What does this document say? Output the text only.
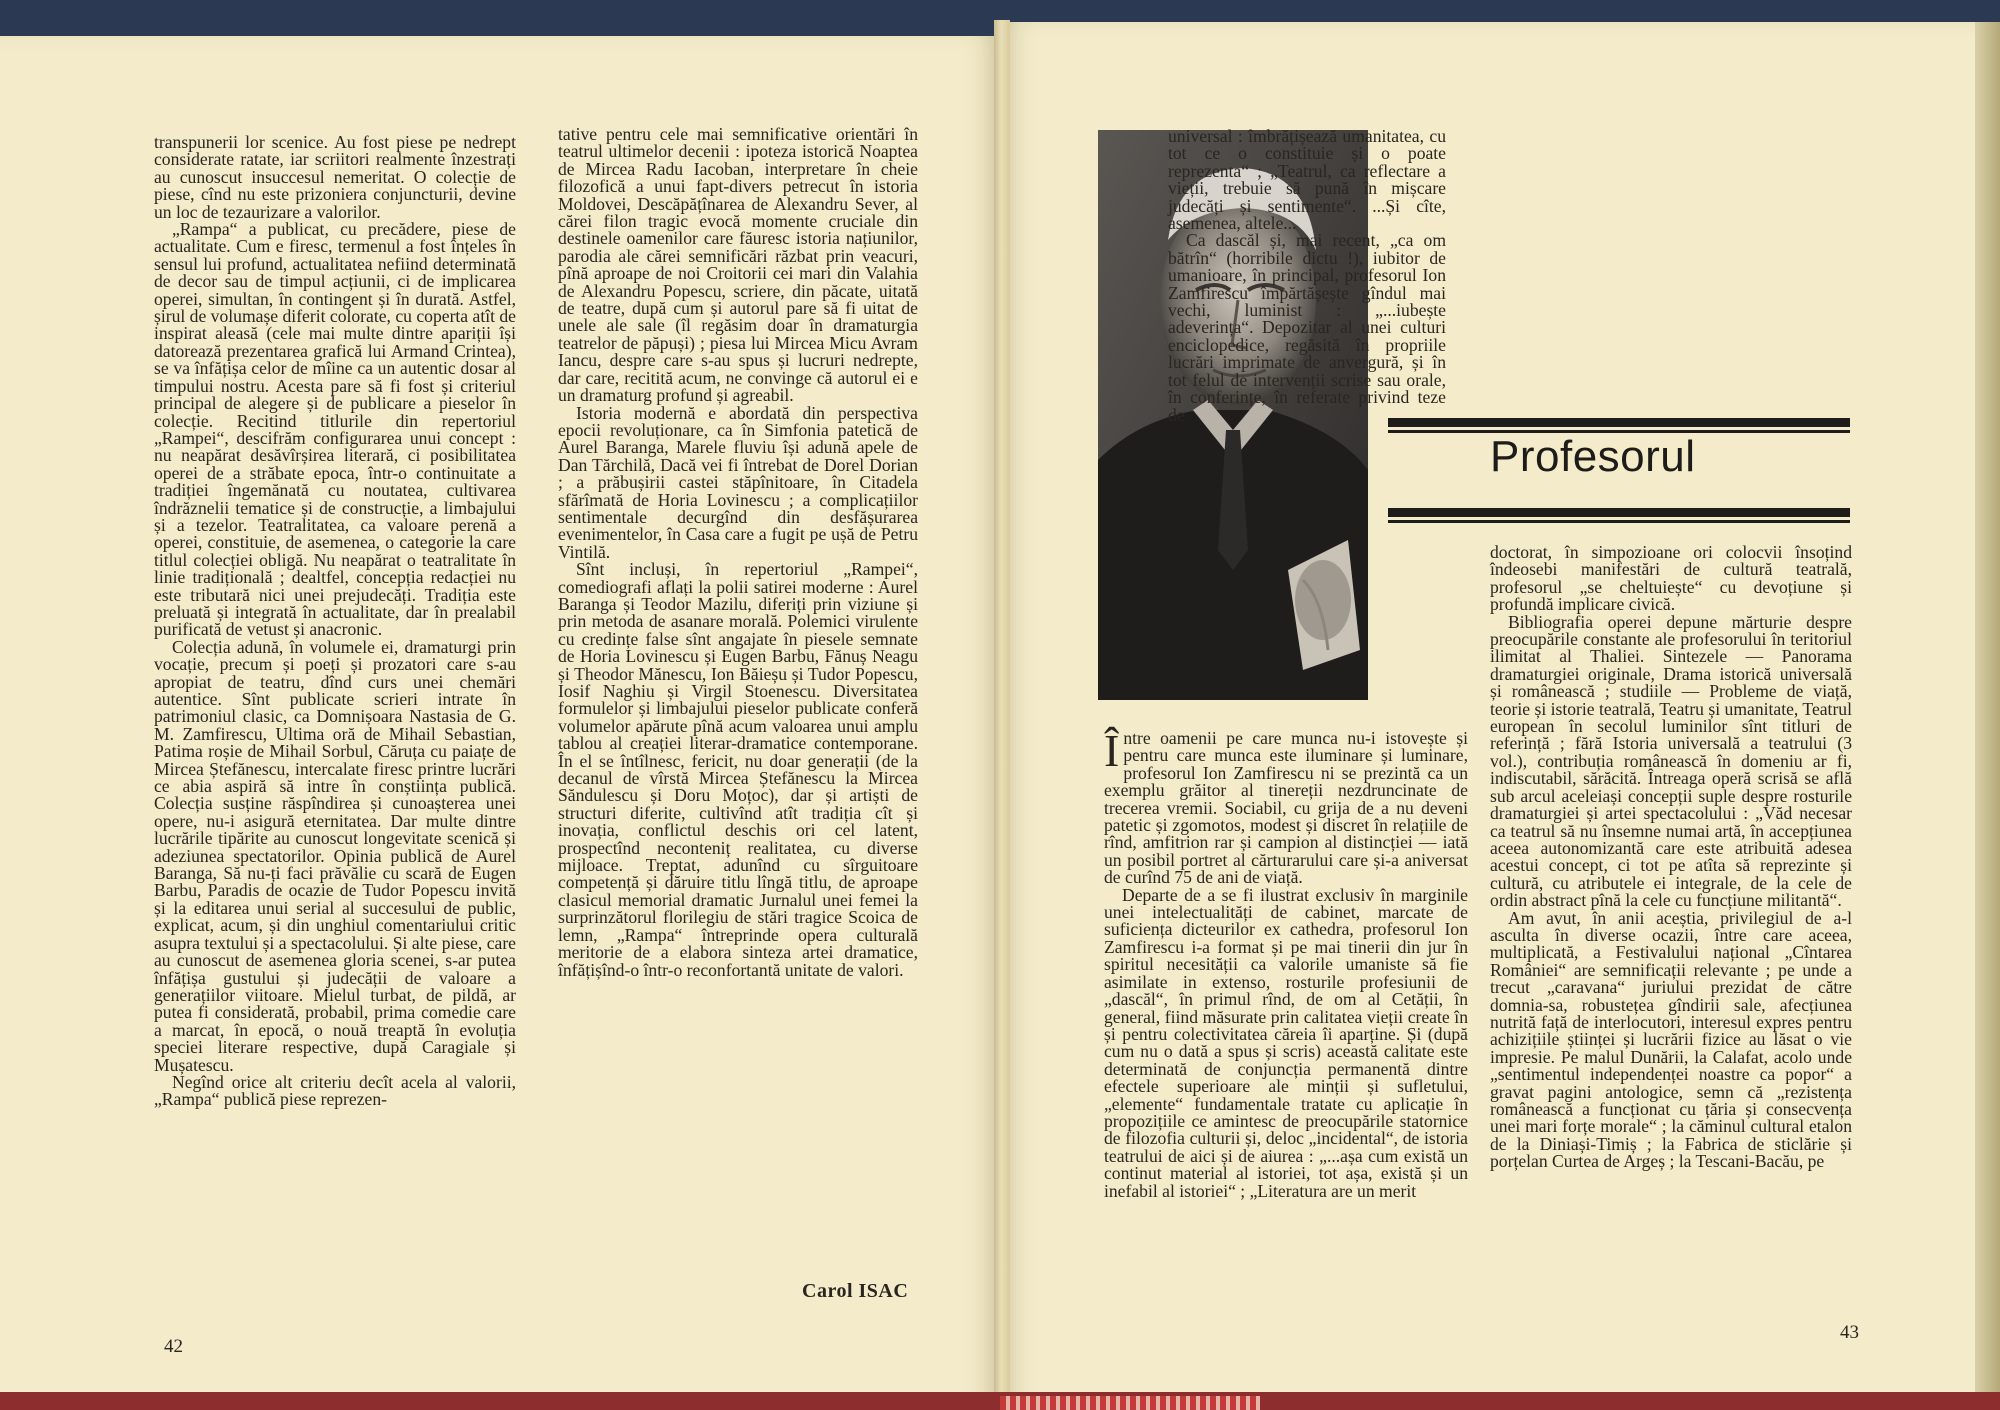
transpunerii lor scenice. Au fost piese pe nedrept considerate ratate, iar scriitori realmente înzestrați au cunoscut insuccesul nemeritat. O colecție de piese, cînd nu este prizoniera conjuncturii, devine un loc de tezaurizare a valorilor.

„Rampa“ a publicat, cu precădere, piese de actualitate. Cum e firesc, termenul a fost înțeles în sensul lui profund, actualitatea nefiind determinată de decor sau de timpul acțiunii, ci de implicarea operei, simultan, în contingent și în durată. Astfel, șirul de volumașe diferit colorate, cu coperta atît de inspirat aleasă (cele mai multe dintre apariții își datorează prezentarea grafică lui Armand Crintea), se va înfățișa celor de mîine ca un autentic dosar al timpului nostru. Acesta pare să fi fost și criteriul principal de alegere și de publicare a pieselor în colecție. Recitind titlurile din repertoriul „Rampei“, descifrăm configurarea unui concept : nu neapărat desăvîrșirea literară, ci posibilitatea operei de a străbate epoca, într-o continuitate a tradiției îngemănată cu noutatea, cultivarea îndrăznelii tematice și de construcție, a limbajului și a tezelor. Teatralitatea, ca valoare perenă a operei, constituie, de asemenea, o categorie la care titlul colecției obligă. Nu neapărat o teatralitate în linie tradițională ; dealtfel, concepția redacției nu este tributară nici unei prejudecăți. Tradiția este preluată și integrată în actualitate, dar în prealabil purificată de vetust și anacronic.

Colecția adună, în volumele ei, dramaturgi prin vocație, precum și poeți și prozatori care s-au apropiat de teatru, dînd curs unei chemări autentice. Sînt publicate scrieri intrate în patrimoniul clasic, ca Domnișoara Nastasia de G. M. Zamfirescu, Ultima oră de Mihail Sebastian, Patima roșie de Mihail Sorbul, Căruța cu paiațe de Mircea Ștefănescu, intercalate firesc printre lucrări ce abia aspiră să intre în conștiința publică. Colecția susține răspîndirea și cunoașterea unei opere, nu-i asigură eternitatea. Dar multe dintre lucrările tipărite au cunoscut longevitate scenică și adeziunea spectatorilor. Opinia publică de Aurel Baranga, Să nu-ți faci prăvălie cu scară de Eugen Barbu, Paradis de ocazie de Tudor Popescu invită și la editarea unui serial al succesului de public, explicat, acum, și din unghiul comentariului critic asupra textului și a spectacolului. Și alte piese, care au cunoscut de asemenea gloria scenei, s-ar putea înfățișa gustului și judecății de valoare a generațiilor viitoare. Mielul turbat, de pildă, ar putea fi considerată, probabil, prima comedie care a marcat, în epocă, o nouă treaptă în evoluția speciei literare respective, după Caragiale și Mușatescu.

Negînd orice alt criteriu decît acela al valorii, „Rampa“ publică piese reprezen-

tative pentru cele mai semnificative orientări în teatrul ultimelor decenii : ipoteza istorică Noaptea de Mircea Radu Iacoban, interpretare în cheie filozofică a unui fapt-divers petrecut în istoria Moldovei, Descăpățînarea de Alexandru Sever, al cărei filon tragic evocă momente cruciale din destinele oamenilor care făuresc istoria națiunilor, parodia ale cărei semnificări răzbat prin veacuri, pînă aproape de noi Croitorii cei mari din Valahia de Alexandru Popescu, scriere, din păcate, uitată de teatre, după cum și autorul pare să fi uitat de unele ale sale (îl regăsim doar în dramaturgia teatrelor de păpuși) ; piesa lui Mircea Micu Avram Iancu, despre care s-au spus și lucruri nedrepte, dar care, recitită acum, ne convinge că autorul ei e un dramaturg profund și agreabil.

Istoria modernă e abordată din perspectiva epocii revoluționare, ca în Simfonia patetică de Aurel Baranga, Marele fluviu își adună apele de Dan Tărchilă, Dacă vei fi întrebat de Dorel Dorian ; a prăbușirii castei stăpînitoare, în Citadela sfărîmată de Horia Lovinescu ; a complicațiilor sentimentale decurgînd din desfășurarea evenimentelor, în Casa care a fugit pe ușă de Petru Vintilă.

Sînt incluși, în repertoriul „Rampei“, comediografi aflați la polii satirei moderne : Aurel Baranga și Teodor Mazilu, diferiți prin viziune și prin metoda de asanare morală. Polemici virulente cu credințe false sînt angajate în piesele semnate de Horia Lovinescu și Eugen Barbu, Fănuș Neagu și Theodor Mănescu, Ion Băieșu și Tudor Popescu, Iosif Naghiu și Virgil Stoenescu. Diversitatea formulelor și limbajului pieselor publicate conferă volumelor apărute pînă acum valoarea unui amplu tablou al creației literar-dramatice contemporane. În el se întîlnesc, fericit, nu doar generații (de la decanul de vîrstă Mircea Ștefănescu la Mircea Săndulescu și Doru Moțoc), dar și artiști de structuri diferite, cultivînd atît tradiția cît și inovația, conflictul deschis ori cel latent, prospectînd neconteniț realitatea, cu diverse mijloace. Treptat, adunînd cu sîrguitoare competență și dăruire titlu lîngă titlu, de aproape clasicul memorial dramatic Jurnalul unei femei la surprinzătorul florilegiu de stări tragice Scoica de lemn, „Rampa“ întreprinde opera culturală meritorie de a elabora sinteza artei dramatice, înfățișînd-o într-o reconfortantă unitate de valori.

Carol ISAC
42

universal : îmbrățișează umanitatea, cu tot ce o constituie și o poate reprezenta“ ; „Teatrul, ca reflectare a vieții, trebuie să pună în mișcare judecăți și sentimente“. ...Și cîte, asemenea, altele...

Ca dascăl și, mai recent, „ca om bătrîn“ (horribile dictu !), iubitor de umanioare, în principal, profesorul Ion Zamfirescu împărtășește gîndul mai vechi, luminist : „...iubește adeverința“. Depozitar al unei culturi enciclopedice, regăsită în propriile lucrări imprimate de anvergură, și în tot felul de intervenții scrise sau orale, în conferințe, în referate privind teze de

Profesorul

Între oamenii pe care munca nu-i istovește și pentru care munca este iluminare și luminare, profesorul Ion Zamfirescu ni se prezintă ca un exemplu grăitor al tinereții nezdruncinate de trecerea vremii. Sociabil, cu grija de a nu deveni patetic și zgomotos, modest și discret în relațiile de rînd, amfitrion rar și campion al distincției — iată un posibil portret al cărturarului care și-a aniversat de curînd 75 de ani de viață.

Departe de a se fi ilustrat exclusiv în marginile unei intelectualități de cabinet, marcate de suficiența dicteurilor ex cathedra, profesorul Ion Zamfirescu i-a format și pe mai tinerii din jur în spiritul necesității ca valorile umaniste să fie asimilate in extenso, rosturile profesiunii de „dascăl“, în primul rînd, de om al Cetății, în general, fiind măsurate prin calitatea vieții create în și pentru colectivitatea căreia îi aparține. Și (după cum nu o dată a spus și scris) această calitate este determinată de conjuncția permanentă dintre efectele superioare ale minții și sufletului, „elemente“ fundamentale tratate cu aplicație în propozițiile ce amintesc de preocupările statornice de filozofia culturii și, deloc „incidental“, de istoria teatrului de aici și de aiurea : „...așa cum există un continut material al istoriei, tot așa, există și un inefabil al istoriei“ ; „Literatura are un merit

doctorat, în simpozioane ori colocvii însoțind îndeosebi manifestări de cultură teatrală, profesorul „se cheltuiește“ cu devoțiune și profundă implicare civică.

Bibliografia operei depune mărturie despre preocupările constante ale profesorului în teritoriul ilimitat al Thaliei. Sintezele — Panorama dramaturgiei originale, Drama istorică universală și românească ; studiile — Probleme de viață, teorie și istorie teatrală, Teatru și umanitate, Teatrul european în secolul luminilor sînt titluri de referință ; fără Istoria universală a teatrului (3 vol.), contribuția românească în domeniu ar fi, indiscutabil, sărăcită. Întreaga operă scrisă se află sub arcul aceleiași concepții suple despre rosturile dramaturgiei și artei spectacolului : „Văd necesar ca teatrul să nu însemne numai artă, în accepțiunea aceea autonomizantă care este atribuită adesea acestui concept, ci tot pe atîta să reprezinte și cultură, cu atributele ei integrale, de la cele de ordin abstract pînă la cele cu funcțiune militantă“.

Am avut, în anii aceștia, privilegiul de a-l asculta în diverse ocazii, între care aceea, multiplicată, a Festivalului național „Cîntarea României“ are semnificații relevante ; pe unde a trecut „caravana“ juriului prezidat de către domnia-sa, robustețea gîndirii sale, afecțiunea nutrită față de interlocutori, interesul expres pentru achizițiile științei și lucrării fizice au lăsat o vie impresie. Pe malul Dunării, la Calafat, acolo unde „sentimentul independenței noastre ca popor“ a gravat pagini antologice, semn că „rezistența românească a funcționat cu țăria și consecvența unei mari forțe morale“ ; la căminul cultural etalon de la Diniași-Timiș ; la Fabrica de sticlărie și porțelan Curtea de Argeș ; la Tescani-Bacău, pe

43
